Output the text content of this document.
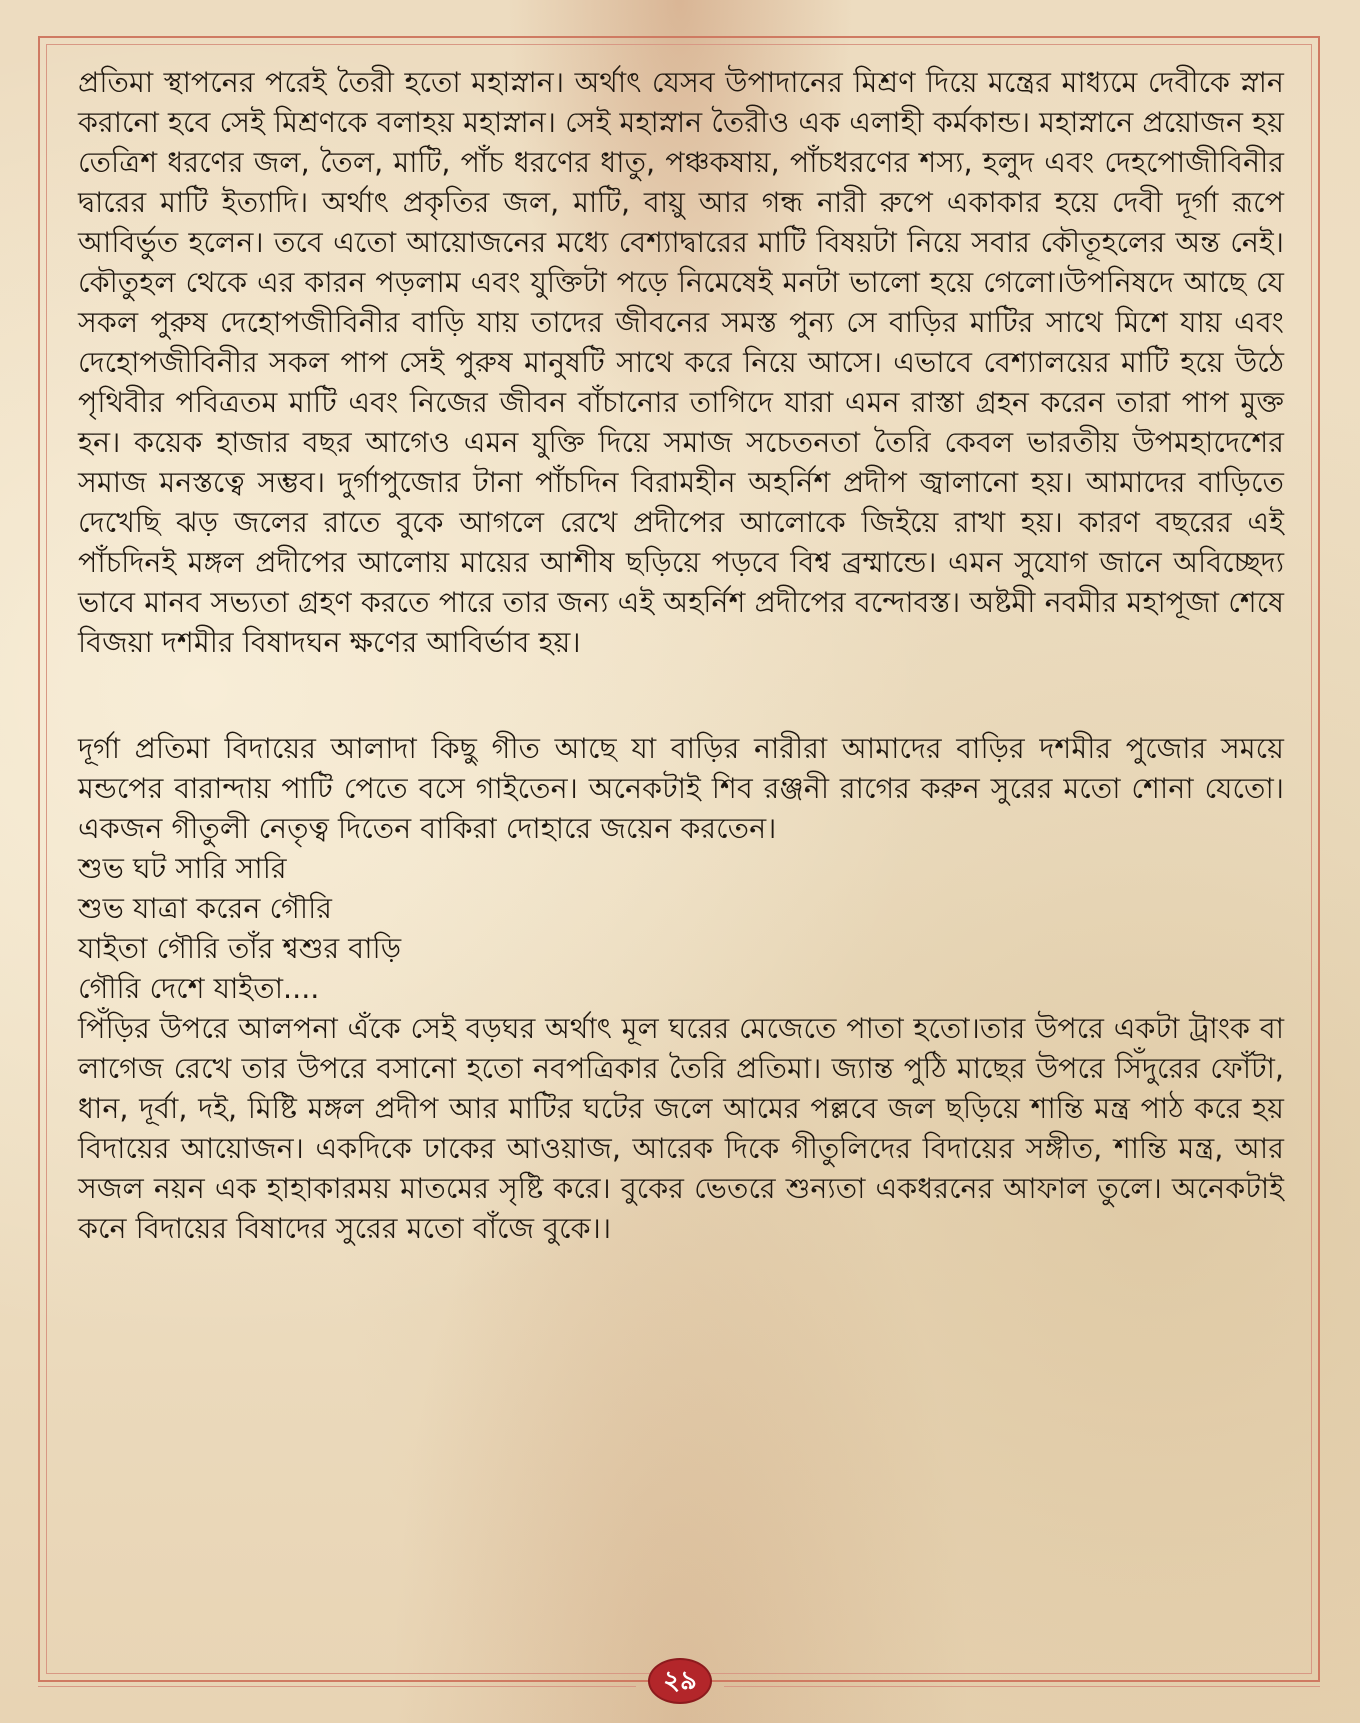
প্রতিমা স্থাপনের পরেই তৈরী হতো মহাস্নান। অর্থাৎ যেসব উপাদানের মিশ্রণ দিয়ে মন্ত্রের মাধ্যমে দেবীকে স্নান করানো হবে সেই মিশ্রণকে বলাহয় মহাস্নান। সেই মহাস্নান তৈরীও এক এলাহী কর্মকান্ড। মহাস্নানে প্রয়োজন হয় তেত্রিশ ধরণের জল, তৈল, মাটি, পাঁচ ধরণের ধাতু, পঞ্চকষায়, পাঁচধরণের শস্য, হলুদ এবং দেহপোজীবিনীর দ্বারের মাটি ইত্যাদি। অর্থাৎ প্রকৃতির জল, মাটি, বায়ু আর গন্ধ নারী রুপে একাকার হয়ে দেবী দূর্গা রূপে আবির্ভুত হলেন। তবে এতো আয়োজনের মধ্যে বেশ্যাদ্বারের মাটি বিষয়টা নিয়ে সবার কৌতূহলের অন্ত নেই। কৌতুহল থেকে এর কারন পড়লাম এবং যুক্তিটা পড়ে নিমেষেই মনটা ভালো হয়ে গেলো।উপনিষদে আছে যে সকল পুরুষ দেহোপজীবিনীর বাড়ি যায় তাদের জীবনের সমস্ত পুন্য সে বাড়ির মাটির সাথে মিশে যায় এবং দেহোপজীবিনীর সকল পাপ সেই পুরুষ মানুষটি সাথে করে নিয়ে আসে। এভাবে বেশ্যালয়ের মাটি হয়ে উঠে পৃথিবীর পবিত্রতম মাটি এবং নিজের জীবন বাঁচানোর তাগিদে যারা এমন রাস্তা গ্রহন করেন তারা পাপ মুক্ত হন। কয়েক হাজার বছর আগেও এমন যুক্তি দিয়ে সমাজ সচেতনতা তৈরি কেবল ভারতীয় উপমহাদেশের সমাজ মনস্তত্বে সম্ভব। দুর্গাপুজোর টানা পাঁচদিন বিরামহীন অহর্নিশ প্রদীপ জ্বালানো হয়। আমাদের বাড়িতে দেখেছি ঝড় জলের রাতে বুকে আগলে রেখে প্রদীপের আলোকে জিইয়ে রাখা হয়। কারণ বছরের এই পাঁচদিনই মঙ্গল প্রদীপের আলোয় মায়ের আশীষ ছড়িয়ে পড়বে বিশ্ব ব্রম্মান্ডে। এমন সুযোগ জানে অবিচ্ছেদ্য ভাবে মানব সভ্যতা গ্রহণ করতে পারে তার জন্য এই অহর্নিশ প্রদীপের বন্দোবস্ত। অষ্টমী নবমীর মহাপূজা শেষে বিজয়া দশমীর বিষাদঘন ক্ষণের আবির্ভাব হয়।

দূর্গা প্রতিমা বিদায়ের আলাদা কিছু গীত আছে যা বাড়ির নারীরা আমাদের বাড়ির দশমীর পুজোর সময়ে মন্ডপের বারান্দায় পাটি পেতে বসে গাইতেন। অনেকটাই শিব রঞ্জনী রাগের করুন সুরের মতো শোনা যেতো। একজন গীতুলী নেতৃত্ব দিতেন বাকিরা দোহারে জয়েন করতেন।

শুভ ঘট সারি সারি
শুভ যাত্রা করেন গৌরি
যাইতা গৌরি তাঁর শ্বশুর বাড়ি
গৌরি দেশে যাইতা....

পিঁড়ির উপরে আলপনা এঁকে সেই বড়ঘর অর্থাৎ মূল ঘরের মেজেতে পাতা হতো।তার উপরে একটা ট্রাংক বা লাগেজ রেখে তার উপরে বসানো হতো নবপত্রিকার তৈরি প্রতিমা। জ্যান্ত পুঠি মাছের উপরে সিঁদুরের ফোঁটা, ধান, দূর্বা, দই, মিষ্টি মঙ্গল প্রদীপ আর মাটির ঘটের জলে আমের পল্লবে জল ছড়িয়ে শান্তি মন্ত্র পাঠ করে হয় বিদায়ের আয়োজন। একদিকে ঢাকের আওয়াজ, আরেক দিকে গীতুলিদের বিদায়ের সঙ্গীত, শান্তি মন্ত্র, আর সজল নয়ন এক হাহাকারময় মাতমের সৃষ্টি করে। বুকের ভেতরে শুন্যতা একধরনের আফাল তুলে। অনেকটাই কনে বিদায়ের বিষাদের সুরের মতো বাঁজে বুকে।।

২৯
